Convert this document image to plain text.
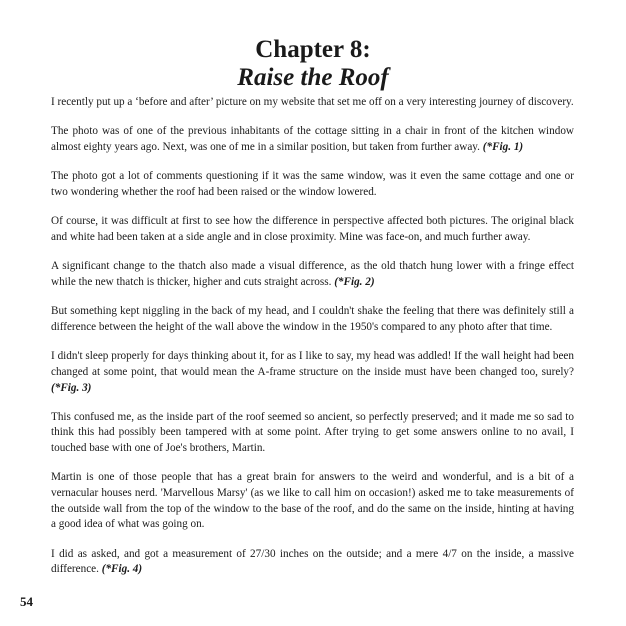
Chapter 8:
Raise the Roof

I recently put up a ‘before and after’ picture on my website that set me off on a very interesting journey of discovery.

The photo was of one of the previous inhabitants of the cottage sitting in a chair in front of the kitchen window almost eighty years ago. Next, was one of me in a similar position, but taken from further away. (*Fig. 1)

The photo got a lot of comments questioning if it was the same window, was it even the same cottage and one or two wondering whether the roof had been raised or the window lowered.

Of course, it was difficult at first to see how the difference in perspective affected both pictures. The original black and white had been taken at a side angle and in close proximity. Mine was face-on, and much further away.

A significant change to the thatch also made a visual difference, as the old thatch hung lower with a fringe effect while the new thatch is thicker, higher and cuts straight across. (*Fig. 2)

But something kept niggling in the back of my head, and I couldn't shake the feeling that there was definitely still a difference between the height of the wall above the window in the 1950's compared to any photo after that time.

I didn't sleep properly for days thinking about it, for as I like to say, my head was addled! If the wall height had been changed at some point, that would mean the A-frame structure on the inside must have been changed too, surely? (*Fig. 3)

This confused me, as the inside part of the roof seemed so ancient, so perfectly preserved; and it made me so sad to think this had possibly been tampered with at some point. After trying to get some answers online to no avail, I touched base with one of Joe's brothers, Martin.

Martin is one of those people that has a great brain for answers to the weird and wonderful, and is a bit of a vernacular houses nerd. 'Marvellous Marsy' (as we like to call him on occasion!) asked me to take measurements of the outside wall from the top of the window to the base of the roof, and do the same on the inside, hinting at having a good idea of what was going on.

I did as asked, and got a measurement of 27/30 inches on the outside; and a mere 4/7 on the inside, a massive difference. (*Fig. 4)

54
